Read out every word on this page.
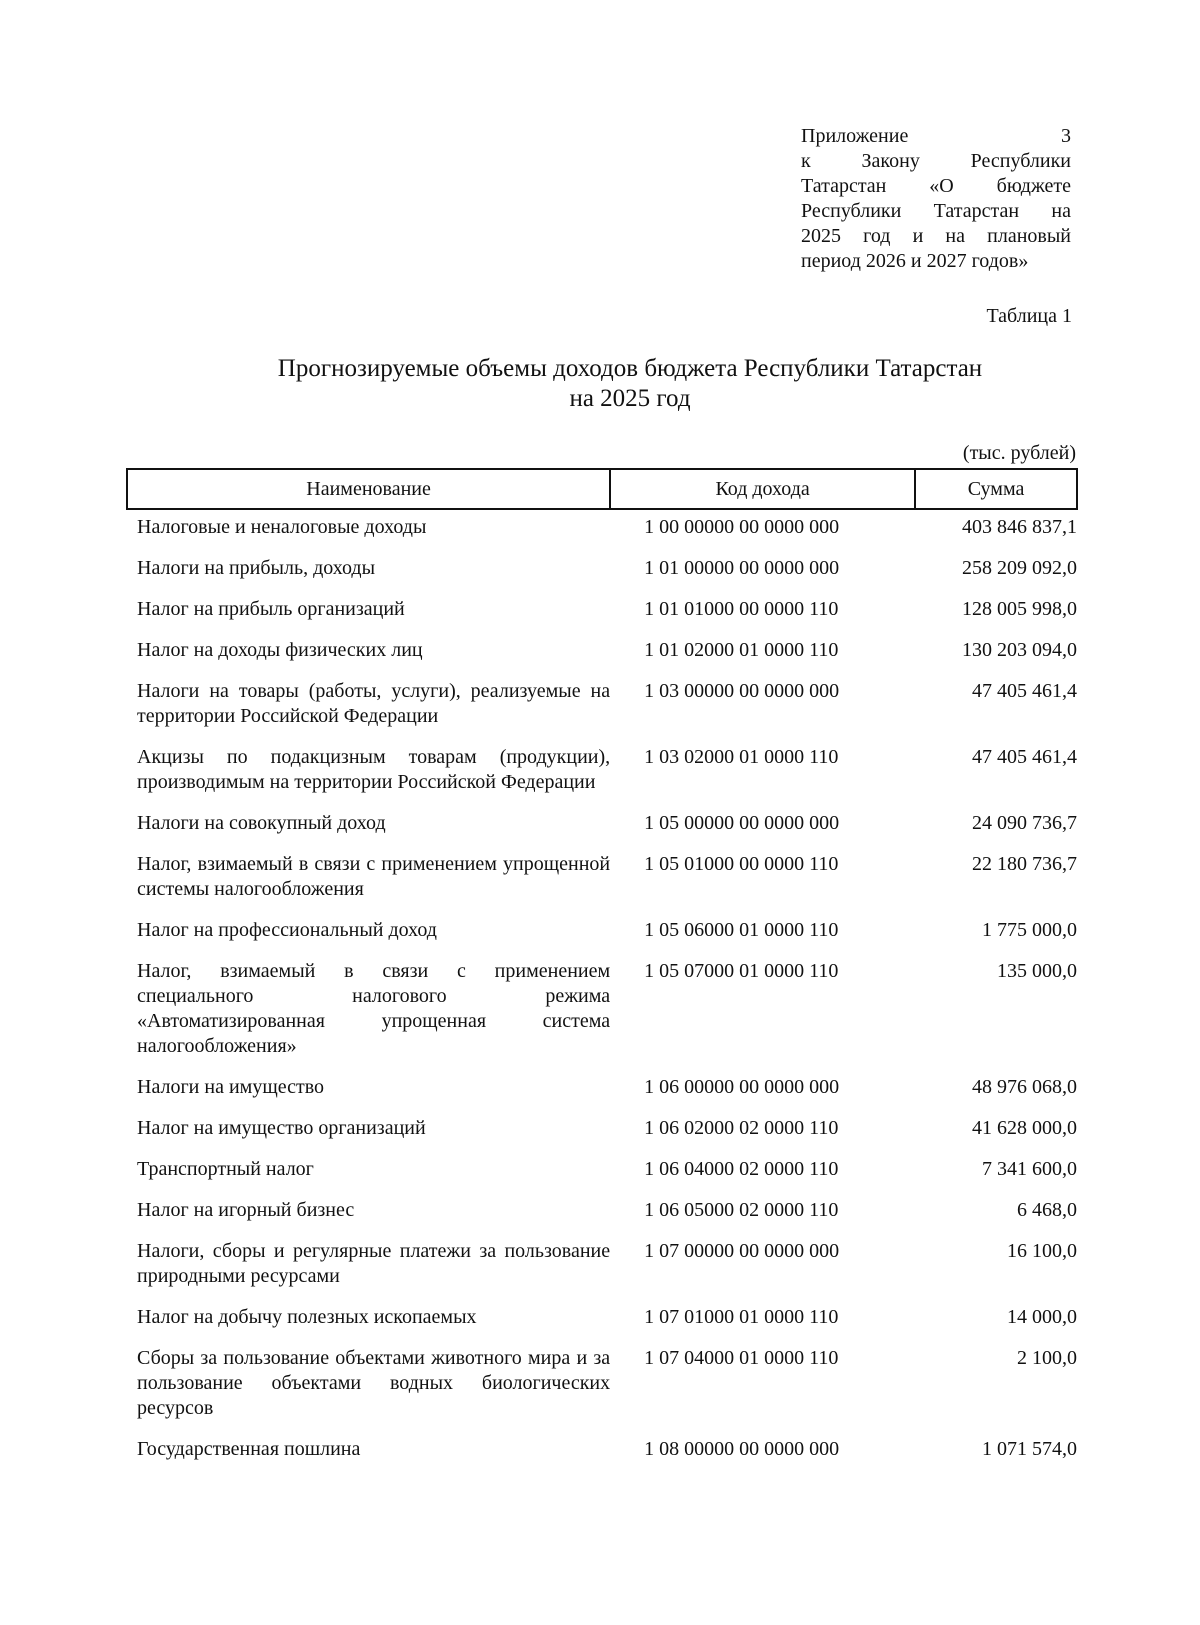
Приложение 3
к Закону Республики
Татарстан «О бюджете
Республики Татарстан на
2025 год и на плановый
период 2026 и 2027 годов»
Таблица 1
Прогнозируемые объемы доходов бюджета Республики Татарстан
на 2025 год
(тыс. рублей)
Наименование	Код дохода	Сумма
Налоговые и неналоговые доходы	1 00 00000 00 0000 000	403 846 837,1
Налоги на прибыль, доходы	1 01 00000 00 0000 000	258 209 092,0
Налог на прибыль организаций	1 01 01000 00 0000 110	128 005 998,0
Налог на доходы физических лиц	1 01 02000 01 0000 110	130 203 094,0
Налоги на товары (работы, услуги), реализуемые на территории Российской Федерации	1 03 00000 00 0000 000	47 405 461,4
Акцизы по подакцизным товарам (продукции), производимым на территории Российской Федерации	1 03 02000 01 0000 110	47 405 461,4
Налоги на совокупный доход	1 05 00000 00 0000 000	24 090 736,7
Налог, взимаемый в связи с применением упрощенной системы налогообложения	1 05 01000 00 0000 110	22 180 736,7
Налог на профессиональный доход	1 05 06000 01 0000 110	1 775 000,0
Налог, взимаемый в связи с применением специального налогового режима «Автоматизированная упрощенная система налогообложения»	1 05 07000 01 0000 110	135 000,0
Налоги на имущество	1 06 00000 00 0000 000	48 976 068,0
Налог на имущество организаций	1 06 02000 02 0000 110	41 628 000,0
Транспортный налог	1 06 04000 02 0000 110	7 341 600,0
Налог на игорный бизнес	1 06 05000 02 0000 110	6 468,0
Налоги, сборы и регулярные платежи за пользование природными ресурсами	1 07 00000 00 0000 000	16 100,0
Налог на добычу полезных ископаемых	1 07 01000 01 0000 110	14 000,0
Сборы за пользование объектами животного мира и за пользование объектами водных биологических ресурсов	1 07 04000 01 0000 110	2 100,0
Государственная пошлина	1 08 00000 00 0000 000	1 071 574,0
